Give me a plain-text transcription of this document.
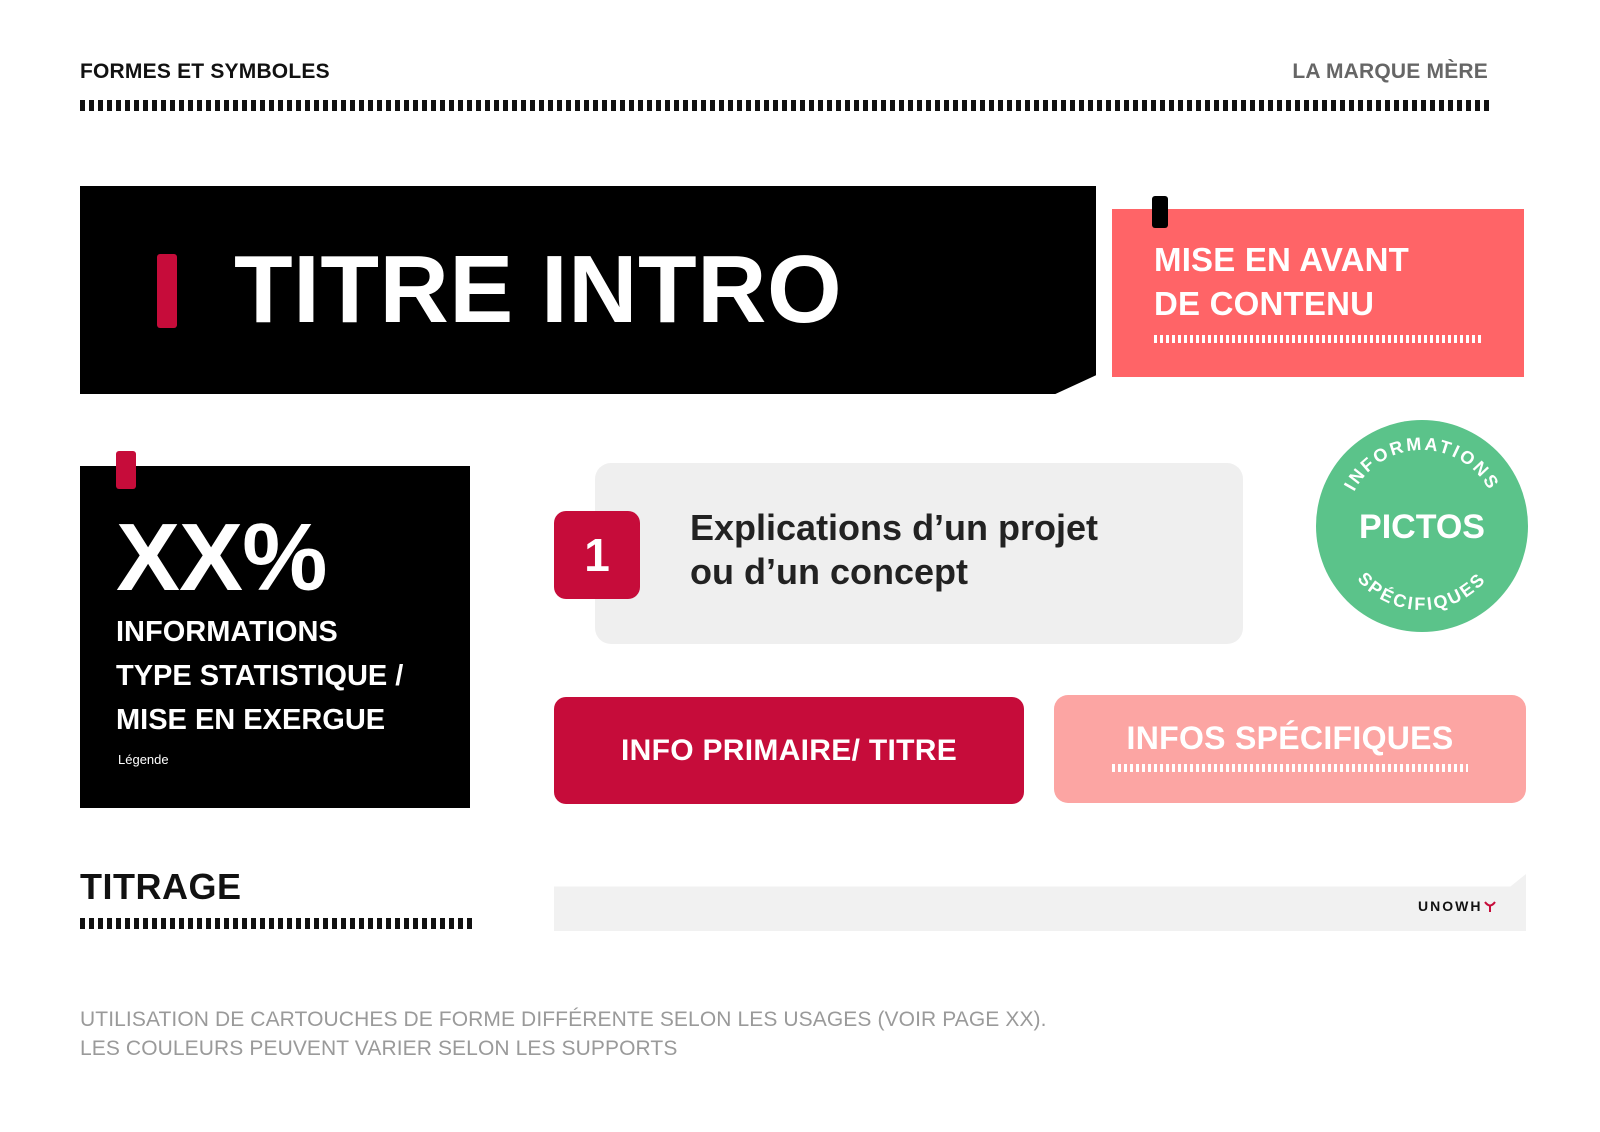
FORMES ET SYMBOLES	LA MARQUE MÈRE
TITRE INTRO	MISE EN AVANT
DE CONTENU
XX%
INFORMATIONS
TYPE STATISTIQUE /
MISE EN EXERGUE
Légende
1
Explications d’un projet
ou d’un concept
INFORMATIONS
PICTOS
SPÉCIFIQUES
INFO PRIMAIRE/ TITRE	INFOS SPÉCIFIQUES
TITRAGE	UNOWH
UTILISATION DE CARTOUCHES DE FORME DIFFÉRENTE SELON LES USAGES (VOIR PAGE XX).
LES COULEURS PEUVENT VARIER SELON LES SUPPORTS
